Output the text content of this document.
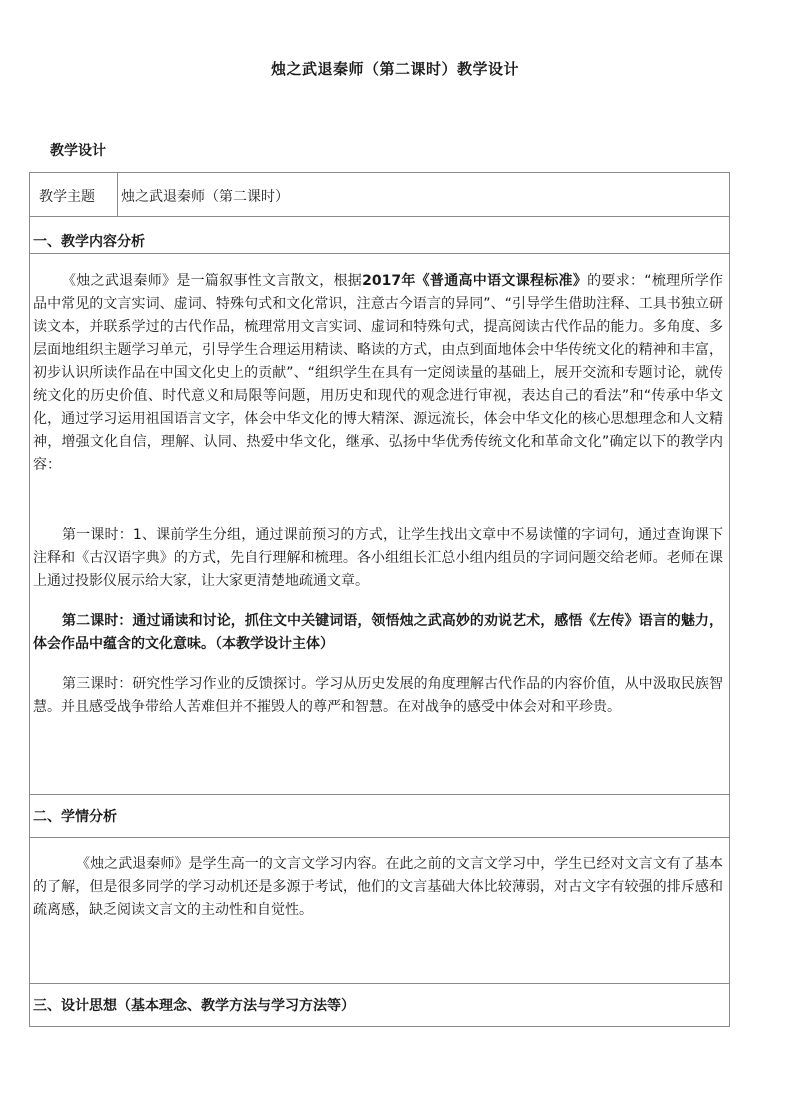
烛之武退秦师（第二课时）教学设计
教学设计
教学主题 烛之武退秦师（第二课时）
一、教学内容分析

《烛之武退秦师》是一篇叙事性文言散文，根据2017年《普通高中语文课程标准》的要求：“梳理所学作品中常见的文言实词、虚词、特殊句式和文化常识，注意古今语言的异同”、“引导学生借助注释、工具书独立研读文本，并联系学过的古代作品，梳理常用文言实词、虚词和特殊句式，提高阅读古代作品的能力。多角度、多层面地组织主题学习单元，引导学生合理运用精读、略读的方式，由点到面地体会中华传统文化的精神和丰富，初步认识所读作品在中国文化史上的贡献”、“组织学生在具有一定阅读量的基础上，展开交流和专题讨论，就传统文化的历史价值、时代意义和局限等问题，用历史和现代的观念进行审视，表达自己的看法”和“传承中华文化，通过学习运用祖国语言文字，体会中华文化的博大精深、源远流长，体会中华文化的核心思想理念和人文精神，增强文化自信，理解、认同、热爱中华文化，继承、弘扬中华优秀传统文化和革命文化”确定以下的教学内容：

第一课时：1、课前学生分组，通过课前预习的方式，让学生找出文章中不易读懂的字词句，通过查询课下注释和《古汉语字典》的方式，先自行理解和梳理。各小组组长汇总小组内组员的字词问题交给老师。老师在课上通过投影仪展示给大家，让大家更清楚地疏通文章。

第二课时：通过诵读和讨论，抓住文中关键词语，领悟烛之武高妙的劝说艺术，感悟《左传》语言的魅力，体会作品中蕴含的文化意味。（本教学设计主体）

第三课时：研究性学习作业的反馈探讨。学习从历史发展的角度理解古代作品的内容价值，从中汲取民族智慧。并且感受战争带给人苦难但并不摧毁人的尊严和智慧。在对战争的感受中体会对和平珍贵。

二、学情分析

《烛之武退秦师》是学生高一的文言文学习内容。在此之前的文言文学习中，学生已经对文言文有了基本的了解，但是很多同学的学习动机还是多源于考试，他们的文言基础大体比较薄弱，对古文字有较强的排斥感和疏离感，缺乏阅读文言文的主动性和自觉性。

三、设计思想（基本理念、教学方法与学习方法等）
